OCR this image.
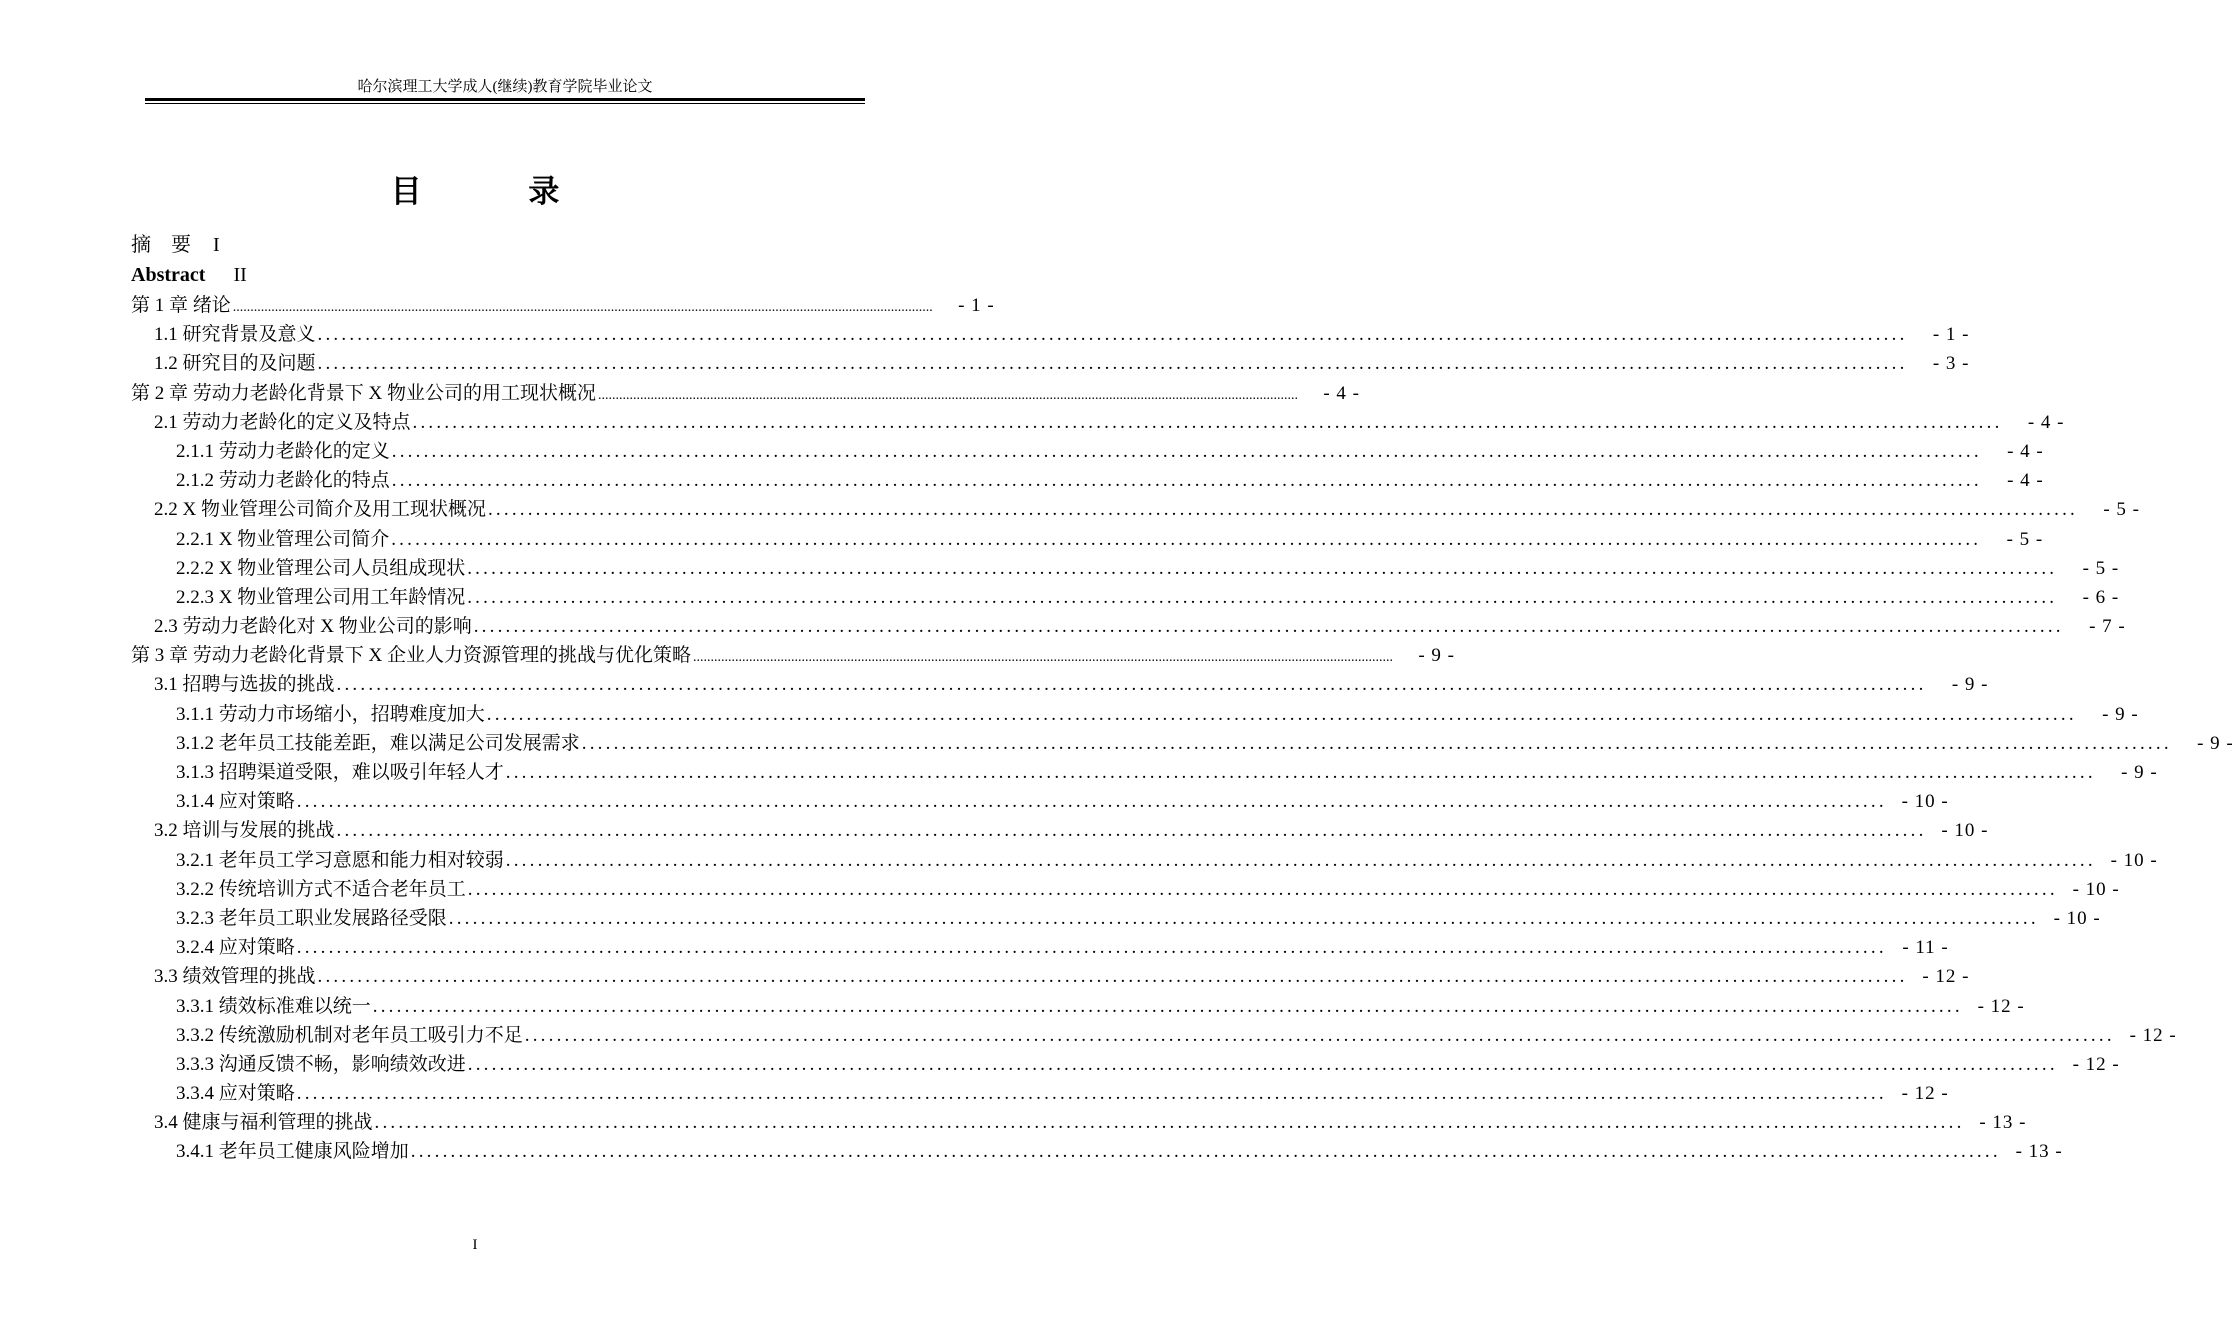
哈尔滨理工大学成人(继续)教育学院毕业论文
目 录
摘　要 I
Abstract II
第 1 章 绪论 ........................................................................................................................................................................................................	- 1 -
1.1 研究背景及意义 ........................................................................................................................................................................................................	- 1 -
1.2 研究目的及问题 ........................................................................................................................................................................................................	- 3 -
第 2 章 劳动力老龄化背景下 X 物业公司的用工现状概况 ........................................................................................................................................................................................................	- 4 -
2.1 劳动力老龄化的定义及特点 ........................................................................................................................................................................................................	- 4 -
2.1.1 劳动力老龄化的定义 ........................................................................................................................................................................................................	- 4 -
2.1.2 劳动力老龄化的特点 ........................................................................................................................................................................................................	- 4 -
2.2 X 物业管理公司简介及用工现状概况 ........................................................................................................................................................................................................	- 5 -
2.2.1 X 物业管理公司简介 ........................................................................................................................................................................................................	- 5 -
2.2.2 X 物业管理公司人员组成现状 ........................................................................................................................................................................................................	- 5 -
2.2.3 X 物业管理公司用工年龄情况 ........................................................................................................................................................................................................	- 6 -
2.3 劳动力老龄化对 X 物业公司的影响 ........................................................................................................................................................................................................	- 7 -
第 3 章 劳动力老龄化背景下 X 企业人力资源管理的挑战与优化策略 ........................................................................................................................................................................................................	- 9 -
3.1 招聘与选拔的挑战 ........................................................................................................................................................................................................	- 9 -
3.1.1 劳动力市场缩小，招聘难度加大 ........................................................................................................................................................................................................	- 9 -
3.1.2 老年员工技能差距，难以满足公司发展需求 ........................................................................................................................................................................................................	- 9 -
3.1.3 招聘渠道受限，难以吸引年轻人才 ........................................................................................................................................................................................................	- 9 -
3.1.4 应对策略 ........................................................................................................................................................................................................ - 10 -
3.2 培训与发展的挑战 ........................................................................................................................................................................................................ - 10 -
3.2.1 老年员工学习意愿和能力相对较弱 ........................................................................................................................................................................................................ - 10 -
3.2.2 传统培训方式不适合老年员工 ........................................................................................................................................................................................................ - 10 -
3.2.3 老年员工职业发展路径受限 ........................................................................................................................................................................................................ - 10 -
3.2.4 应对策略 ........................................................................................................................................................................................................ - 11 -
3.3 绩效管理的挑战 ........................................................................................................................................................................................................ - 12 -
3.3.1 绩效标准难以统一 ........................................................................................................................................................................................................ - 12 -
3.3.2 传统激励机制对老年员工吸引力不足 ........................................................................................................................................................................................................ - 12 -
3.3.3 沟通反馈不畅，影响绩效改进 ........................................................................................................................................................................................................ - 12 -
3.3.4 应对策略 ........................................................................................................................................................................................................ - 12 -
3.4 健康与福利管理的挑战 ........................................................................................................................................................................................................ - 13 -
3.4.1 老年员工健康风险增加 ........................................................................................................................................................................................................ - 13 -
I
